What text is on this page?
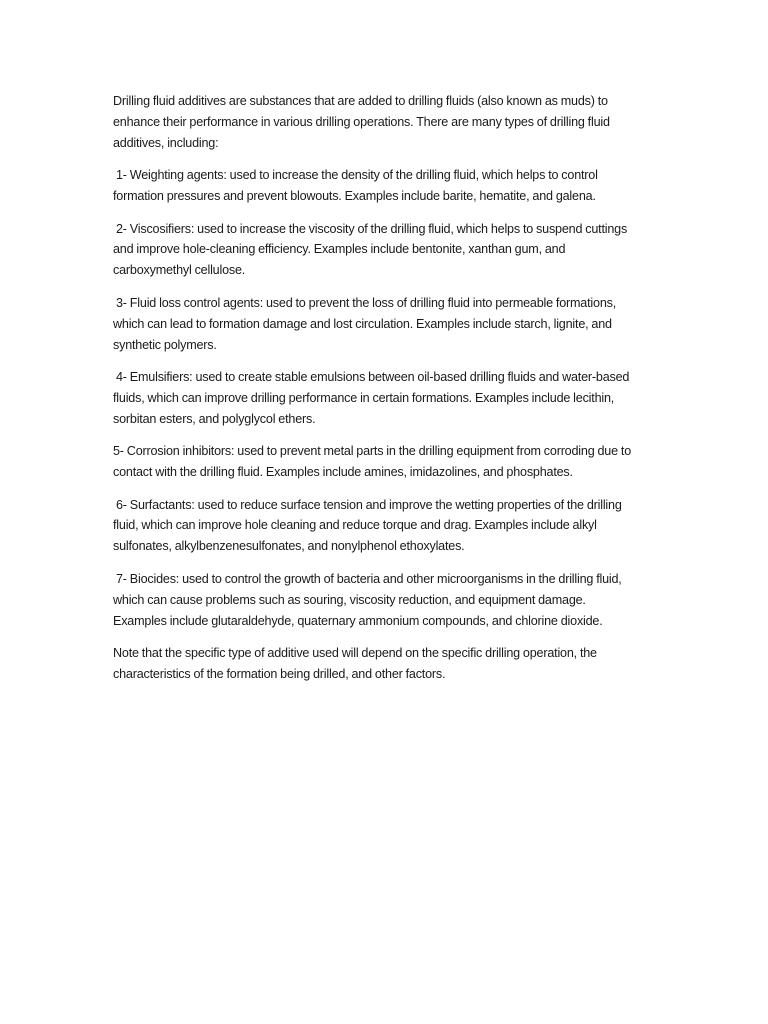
Drilling fluid additives are substances that are added to drilling fluids (also known as muds) to enhance their performance in various drilling operations. There are many types of drilling fluid additives, including:

1- Weighting agents: used to increase the density of the drilling fluid, which helps to control formation pressures and prevent blowouts. Examples include barite, hematite, and galena.

2- Viscosifiers: used to increase the viscosity of the drilling fluid, which helps to suspend cuttings and improve hole-cleaning efficiency. Examples include bentonite, xanthan gum, and carboxymethyl cellulose.

3- Fluid loss control agents: used to prevent the loss of drilling fluid into permeable formations, which can lead to formation damage and lost circulation. Examples include starch, lignite, and synthetic polymers.

4- Emulsifiers: used to create stable emulsions between oil-based drilling fluids and water-based fluids, which can improve drilling performance in certain formations. Examples include lecithin, sorbitan esters, and polyglycol ethers.

5- Corrosion inhibitors: used to prevent metal parts in the drilling equipment from corroding due to contact with the drilling fluid. Examples include amines, imidazolines, and phosphates.

6- Surfactants: used to reduce surface tension and improve the wetting properties of the drilling fluid, which can improve hole cleaning and reduce torque and drag. Examples include alkyl sulfonates, alkylbenzenesulfonates, and nonylphenol ethoxylates.

7- Biocides: used to control the growth of bacteria and other microorganisms in the drilling fluid, which can cause problems such as souring, viscosity reduction, and equipment damage. Examples include glutaraldehyde, quaternary ammonium compounds, and chlorine dioxide.

Note that the specific type of additive used will depend on the specific drilling operation, the characteristics of the formation being drilled, and other factors.
